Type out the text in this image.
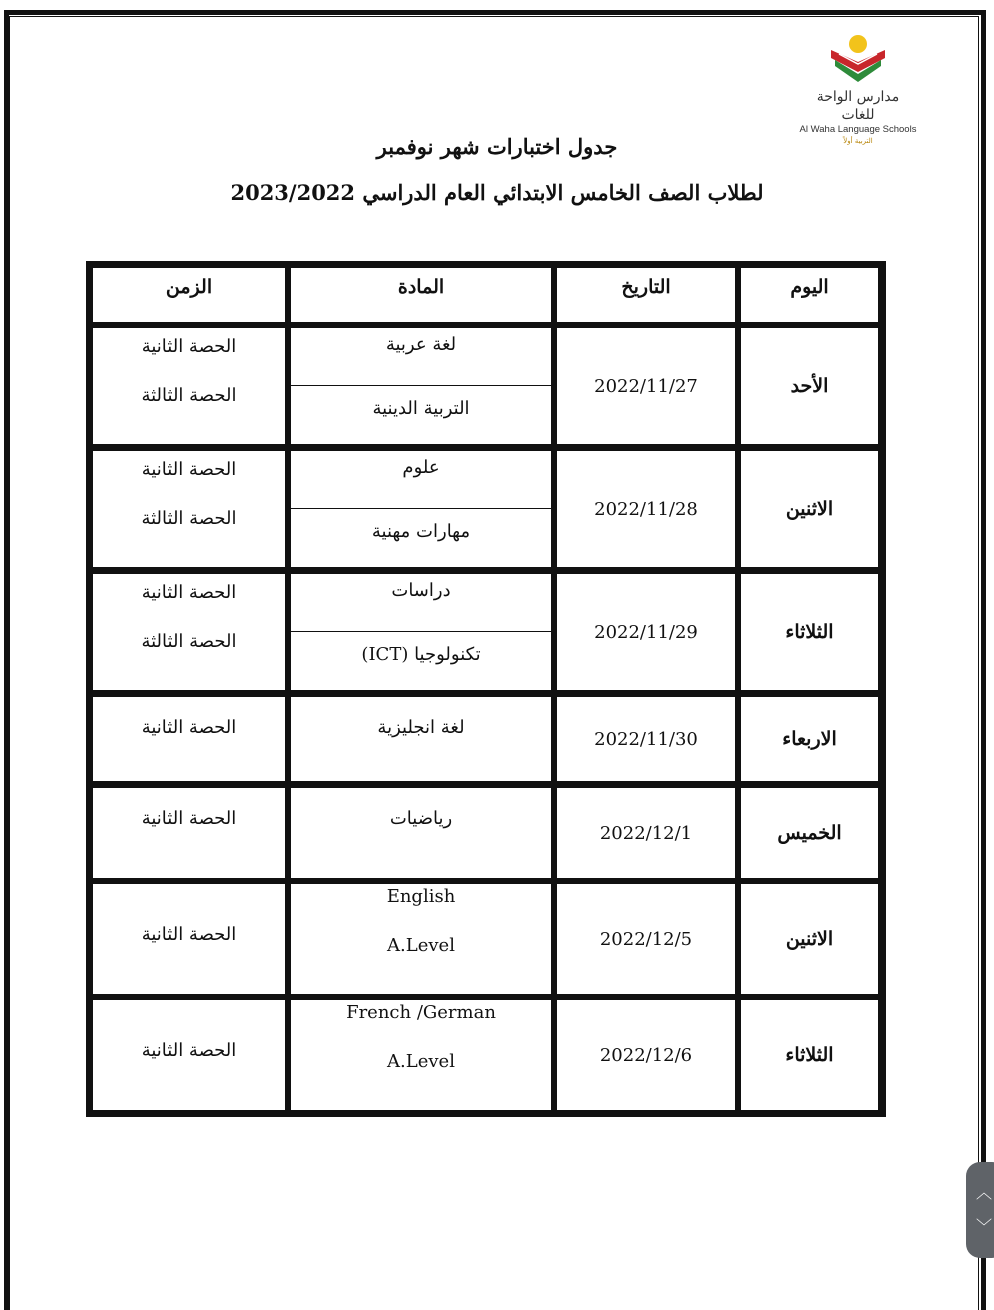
مدارس الواحة للغات
Al Waha Language Schools
التربية أولاً
جدول اختبارات شهر نوفمبر
لطلاب الصف الخامس الابتدائي العام الدراسي 2023/2022
اليوم
التاريخ
المادة
الزمن
الأحد
2022/11/27
لغة عربية
التربية الدينية
الحصة الثانية
الحصة الثالثة
الاثنين
2022/11/28
علوم
مهارات مهنية
الحصة الثانية
الحصة الثالثة
الثلاثاء
2022/11/29
دراسات
تكنولوجيا (ICT)
الحصة الثانية
الحصة الثالثة
الاربعاء
2022/11/30
لغة انجليزية
الحصة الثانية
الخميس
2022/12/1
رياضيات
الحصة الثانية
الاثنين
2022/12/5
English
A.Level
الحصة الثانية
الثلاثاء
2022/12/6
French /German
A.Level
الحصة الثانية
︿
﹀
